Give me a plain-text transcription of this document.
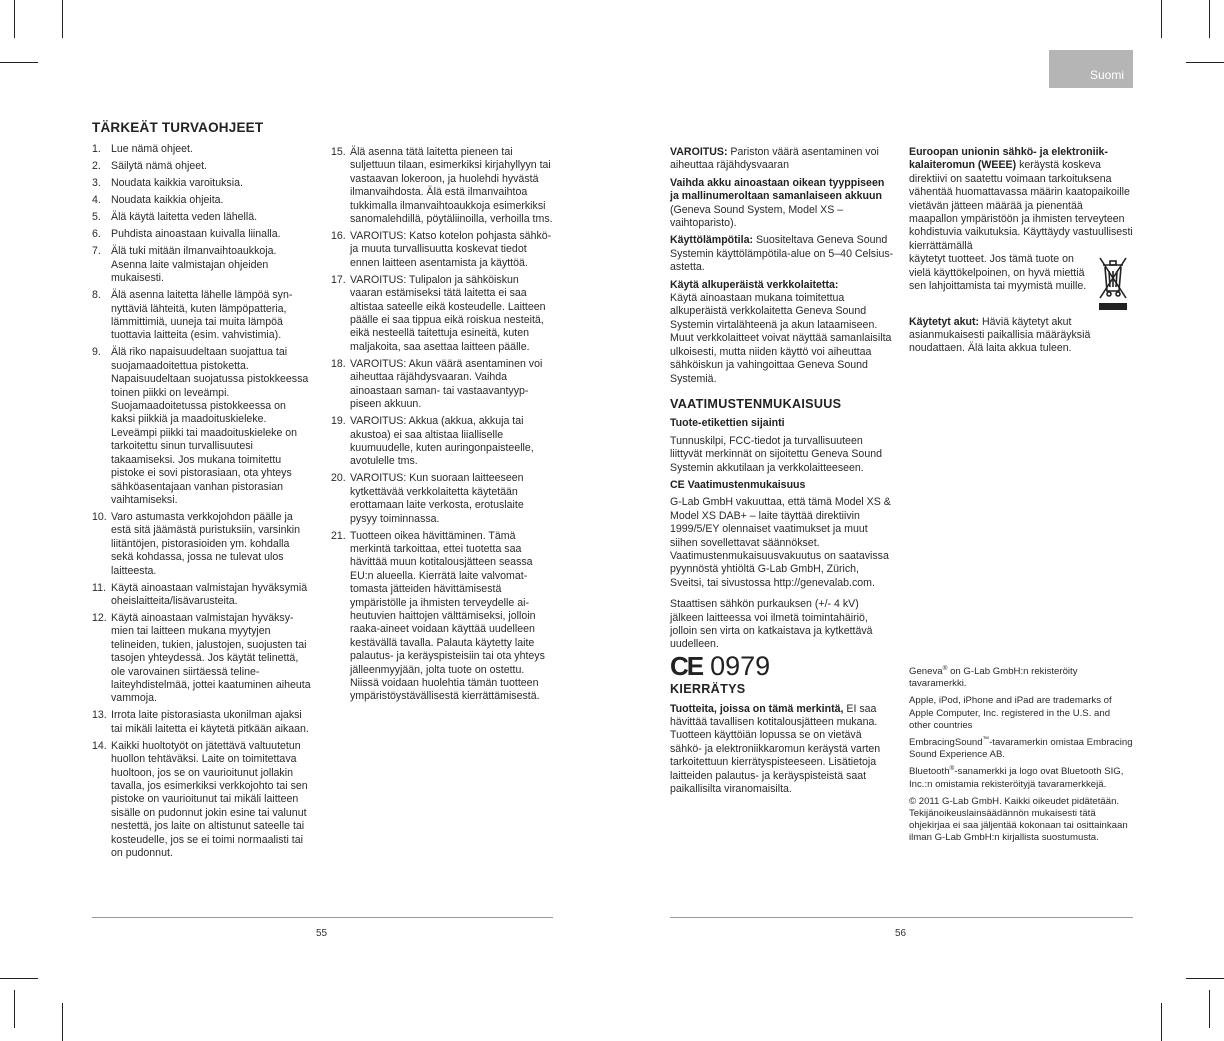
Suomi
TÄRKEÄT TURVAOHJEET
1. Lue nämä ohjeet.
2. Säilytä nämä ohjeet.
3. Noudata kaikkia varoituksia.
4. Noudata kaikkia ohjeita.
5. Älä käytä laitetta veden lähellä.
6. Puhdista ainoastaan kuivalla liinalla.
7. Älä tuki mitään ilmanvaihtoaukkoja. Asenna laite valmistajan ohjeiden mukaisesti.
8. Älä asenna laitetta lähelle lämpöä synnyttäviä lähteitä, kuten lämpöpatteria, lämmittimiä, uuneja tai muita lämpöä tuottavia laitteita (esim. vahvistimia).
9. Älä riko napaisuudeltaan suojattua tai suojamaadoitettua pistoketta. Napaisuudeltaan suojatussa pistokkeessa toinen piikki on leveämpi. Suojamaadoitetussa pistokkeessa on kaksi piikkiä ja maadoituskieleke. Leveämpi piikki tai maadoituskieleke on tarkoitettu sinun turvallisuutesi takaamiseksi. Jos mukana toimitettu pistoke ei sovi pistorasiaan, ota yhteys sähköasentajaan vanhan pistorasian vaihtamiseksi.
10. Varo astumasta verkkojohdon päälle ja estä sitä jäämästä puristuksiin, varsinkin liitäntöjen, pistorasioiden ym. kohdalla sekä kohdassa, jossa ne tulevat ulos laitteesta.
11. Käytä ainoastaan valmistajan hyväksymiä oheislaitteita/lisävarusteita.
12. Käytä ainoastaan valmistajan hyväksymien tai laitteen mukana myytyjen telineiden, tukien, jalustojen, suojusten tai tasojen yhteydessä. Jos käytät telinettä, ole varovainen siirtäessä teline-laiteyhdistelmää, jottei kaatuminen aiheuta vammoja.
13. Irrota laite pistorasiasta ukonilman ajaksi tai mikäli laitetta ei käytetä pitkään aikaan.
14. Kaikki huoltotyöt on jätettävä valtuutetun huollon tehtäväksi. Laite on toimitettava huoltoon, jos se on vaurioitunut jollakin tavalla, jos esimerkiksi verkkojohto tai sen pistoke on vaurioitunut tai mikäli laitteen sisälle on pudonnut jokin esine tai valunut nestettä, jos laite on altistunut sateelle tai kosteudelle, jos se ei toimi normaalisti tai on pudonnut.
15. Älä asenna tätä laitetta pieneen tai suljettuun tilaan, esimerkiksi kirjahyllyyn tai vastaavan lokeroon, ja huolehdi hyvästä ilmanvaihdosta. Älä estä ilmanvaihtoa tukkimalla ilmanvaihtoaukkoja esimerkiksi sanomalehdillä, pöytäliinoilla, verhoilla tms.
16. VAROITUS: Katso kotelon pohjasta sähkö- ja muuta turvallisuutta koskevat tiedot ennen laitteen asentamista ja käyttöä.
17. VAROITUS: Tulipalon ja sähköiskun vaaran estämiseksi tätä laitetta ei saa altistaa sateelle eikä kosteudelle. Laitteen päälle ei saa tippua eikä roiskua nesteitä, eikä nesteellä taitettuja esineitä, kuten maljakoita, saa asettaa laitteen päälle.
18. VAROITUS: Akun väärä asentaminen voi aiheuttaa räjähdysvaaran. Vaihda ainoastaan saman- tai vastaavantyyppiseen akkuun.
19. VAROITUS: Akkua (akkua, akkuja tai akustoa) ei saa altistaa liialliselle kuumuudelle, kuten auringonpaisteelle, avotulelle tms.
20. VAROITUS: Kun suoraan laitteeseen kytkettävää verkkolaitetta käytetään erottamaan laite verkosta, erotuslaite pysyy toiminnassa.
21. Tuotteen oikea hävittäminen. Tämä merkintä tarkoittaa, ettei tuotetta saa hävittää muun kotitalousjätteen seassa EU:n alueella. Kierrätä laite valvomattomasta jätteiden hävittämisestä ympäristölle ja ihmisten terveydelle aiheutuvien haittojen välttämiseksi, jolloin raaka-aineet voidaan käyttää uudelleen kestävällä tavalla. Palauta käytetty laite palautus- ja keräyspisteisiin tai ota yhteys jälleenmyyjään, jolta tuote on ostettu. Niissä voidaan huolehtia tämän tuotteen ympäristöystävällisestä kierrättämisestä.
55

VAROITUS: Pariston väärä asentaminen voi aiheuttaa räjähdysvaaran

Vaihda akku ainoastaan oikean tyyppiseen ja mallinumeroltaan samanlaiseen akkuun (Geneva Sound System, Model XS – vaihtoparisto).

Käyttölämpötila: Suositeltava Geneva Sound Systemin käyttölämpötila-alue on 5–40 Celsius-astetta.

Käytä alkuperäistä verkkolaitetta:

Käytä ainoastaan mukana toimitettua alkuperäistä verkkolaitetta Geneva Sound Systemin virtalähteenä ja akun lataamiseen. Muut verkkolaitteet voivat näyttää samanlaisilta ulkoisesti, mutta niiden käyttö voi aiheuttaa sähköiskun ja vahingoittaa Geneva Sound Systemiä.

VAATIMUSTENMUKAISUUS

Tuote-etikettien sijainti

Tunnuskilpi, FCC-tiedot ja turvallisuuteen liittyvät merkinnät on sijoitettu Geneva Sound Systemin akkutilaan ja verkkolaitteeseen.

CE Vaatimustenmukaisuus

G-Lab GmbH vakuuttaa, että tämä Model XS & Model XS DAB+ – laite täyttää direktiivin 1999/5/EY olennaiset vaatimukset ja muut siihen sovellettavat säännökset. Vaatimustenmukaisuusvakuutus on saatavissa pyynnöstä yhtiöltä G-Lab GmbH, Zürich, Sveitsi, tai sivustossa http://genevalab.com.

Staattisen sähkön purkauksen (+/- 4 kV) jälkeen laitteessa voi ilmetä toimintahäiriö, jolloin sen virta on katkaistava ja kytkettävä uudelleen.

CE 0979
KIERRÄTYS

Tuotteita, joissa on tämä merkintä, EI saa hävittää tavallisen kotitalousjätteen mukana. Tuotteen käyttöiän lopussa se on vietävä sähkö- ja elektroniikkaromun keräystä varten tarkoitettuun kierrätyspisteeseen. Lisätietoja laitteiden palautus- ja keräyspisteistä saat paikallisilta viranomaisilta.

Euroopan unionin sähkö- ja elektroniikkalaiteromun (WEEE) keräystä koskeva direktiivi on saatettu voimaan tarkoituksena vähentää huomattavassa määrin kaatopaikoille vietävän jätteen määrää ja pienentää maapallon ympäristöön ja ihmisten terveyteen kohdistuvia vaikutuksia. Käyttäydy vastuullisesti kierrättämällä

käytetyt tuotteet. Jos tämä tuote on vielä käyttökelpoinen, on hyvä miettiä sen lahjoittamista tai myymistä muille.

Käytetyt akut: Häviä käytetyt akut asianmukaisesti paikallisia määräyksiä noudattaen. Älä laita akkua tuleen.

Geneva® on G-Lab GmbH:n rekisteröity tavaramerkki.

Apple, iPod, iPhone and iPad are trademarks of Apple Computer, Inc. registered in the U.S. and other countries

EmbracingSound™-tavaramerkin omistaa Embracing Sound Experience AB.

Bluetooth®-sanamerkki ja logo ovat Bluetooth SIG, Inc.:n omistamia rekisteröityjä tavaramerkkejä.

© 2011 G-Lab GmbH. Kaikki oikeudet pidätetään. Tekijänoikeuslainsäädännön mukaisesti tätä ohjekirjaa ei saa jäljentää kokonaan tai osittainkaan ilman G-Lab GmbH:n kirjallista suostumusta.

56
